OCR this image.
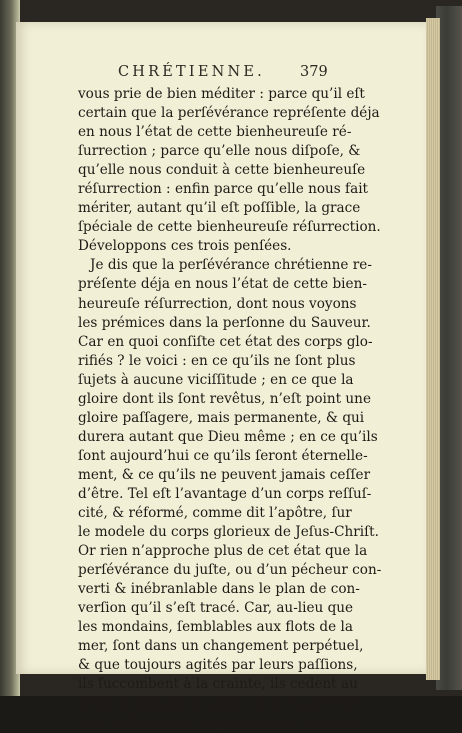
CHRÉTIENNE. 379
vous prie de bien méditer : parce qu’il eſt
certain que la perſévérance repréſente déja
en nous l’état de cette bienheureuſe ré-
ſurrection ; parce qu’elle nous diſpoſe, &
qu’elle nous conduit à cette bienheureuſe
réſurrection : enfin parce qu’elle nous fait
mériter, autant qu’il eſt poſſible, la grace
ſpéciale de cette bienheureuſe réſurrection.
Développons ces trois penſées.
Je dis que la perſévérance chrétienne re-
préſente déja en nous l’état de cette bien-
heureuſe réſurrection, dont nous voyons
les prémices dans la perſonne du Sauveur.
Car en quoi conſiſte cet état des corps glo-
rifiés ? le voici : en ce qu’ils ne ſont plus
ſujets à aucune viciſſitude ; en ce que la
gloire dont ils ſont revêtus, n’eſt point une
gloire paſſagere, mais permanente, & qui
durera autant que Dieu même ; en ce qu’ils
ſont aujourd’hui ce qu’ils ſeront éternelle-
ment, & ce qu’ils ne peuvent jamais ceſſer
d’être. Tel eſt l’avantage d’un corps reſſuſ-
cité, & réformé, comme dit l’apôtre, ſur
le modele du corps glorieux de Jeſus-Chriſt.
Or rien n’approche plus de cet état que la
perſévérance du juſte, ou d’un pécheur con-
verti & inébranlable dans le plan de con-
verſion qu’il s’eſt tracé. Car, au-lieu que
les mondains, ſemblables aux flots de la
mer, ſont dans un changement perpétuel,
& que toujours agités par leurs paſſions,
ils ſuccombent à la crainte, ils cedent au
reſpect humain, ils plient ſous l’adverſité,
ils s’enflent dans la proſpérité, ils ſuivent
